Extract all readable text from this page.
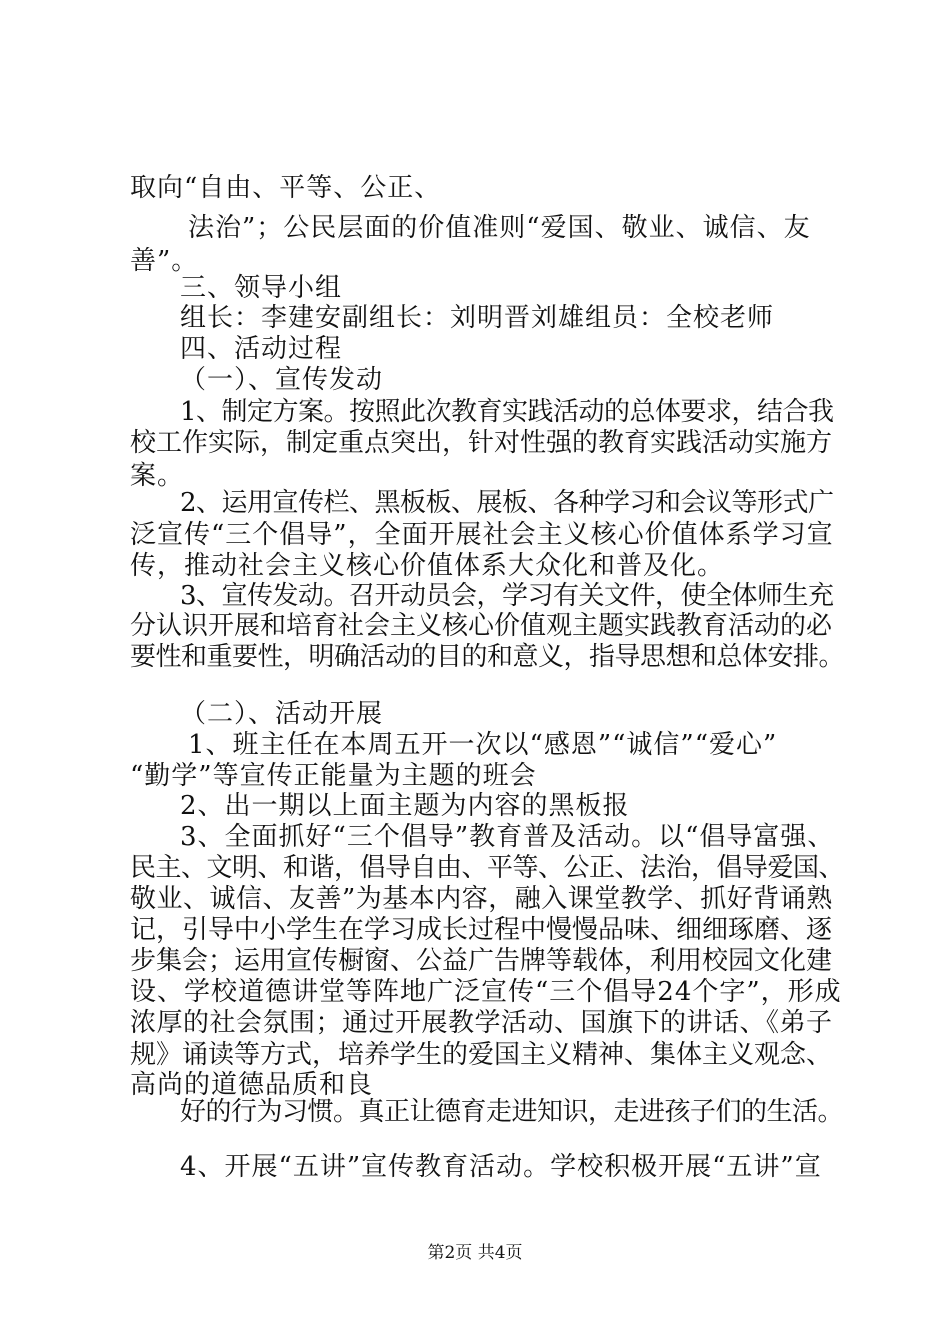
取向“自由、平等、公正、
法治”；公民层面的价值准则“爱国、敬业、诚信、友
善”。
三、领导小组
组长：李建安副组长：刘明晋刘雄组员：全校老师
四、活动过程
（一）、宣传发动
1、制定方案。按照此次教育实践活动的总体要求，结合我
校工作实际，制定重点突出，针对性强的教育实践活动实施方
案。
2、运用宣传栏、黑板板、展板、各种学习和会议等形式广
泛宣传“三个倡导”，全面开展社会主义核心价值体系学习宣
传，推动社会主义核心价值体系大众化和普及化。
3、宣传发动。召开动员会，学习有关文件，使全体师生充
分认识开展和培育社会主义核心价值观主题实践教育活动的必
要性和重要性，明确活动的目的和意义，指导思想和总体安排。
（二）、活动开展
1、班主任在本周五开一次以“感恩”“诚信”“爱心”
“勤学”等宣传正能量为主题的班会
2、出一期以上面主题为内容的黑板报
3、全面抓好“三个倡导”教育普及活动。以“倡导富强、
民主、文明、和谐，倡导自由、平等、公正、法治，倡导爱国、
敬业、诚信、友善”为基本内容，融入课堂教学、抓好背诵熟
记，引导中小学生在学习成长过程中慢慢品味、细细琢磨、逐
步集会；运用宣传橱窗、公益广告牌等载体，利用校园文化建
设、学校道德讲堂等阵地广泛宣传“三个倡导24个字”，形成
浓厚的社会氛围；通过开展教学活动、国旗下的讲话、《弟子
规》诵读等方式，培养学生的爱国主义精神、集体主义观念、
高尚的道德品质和良
好的行为习惯。真正让德育走进知识，走进孩子们的生活。
4、开展“五讲”宣传教育活动。学校积极开展“五讲”宣
第2页 共4页
